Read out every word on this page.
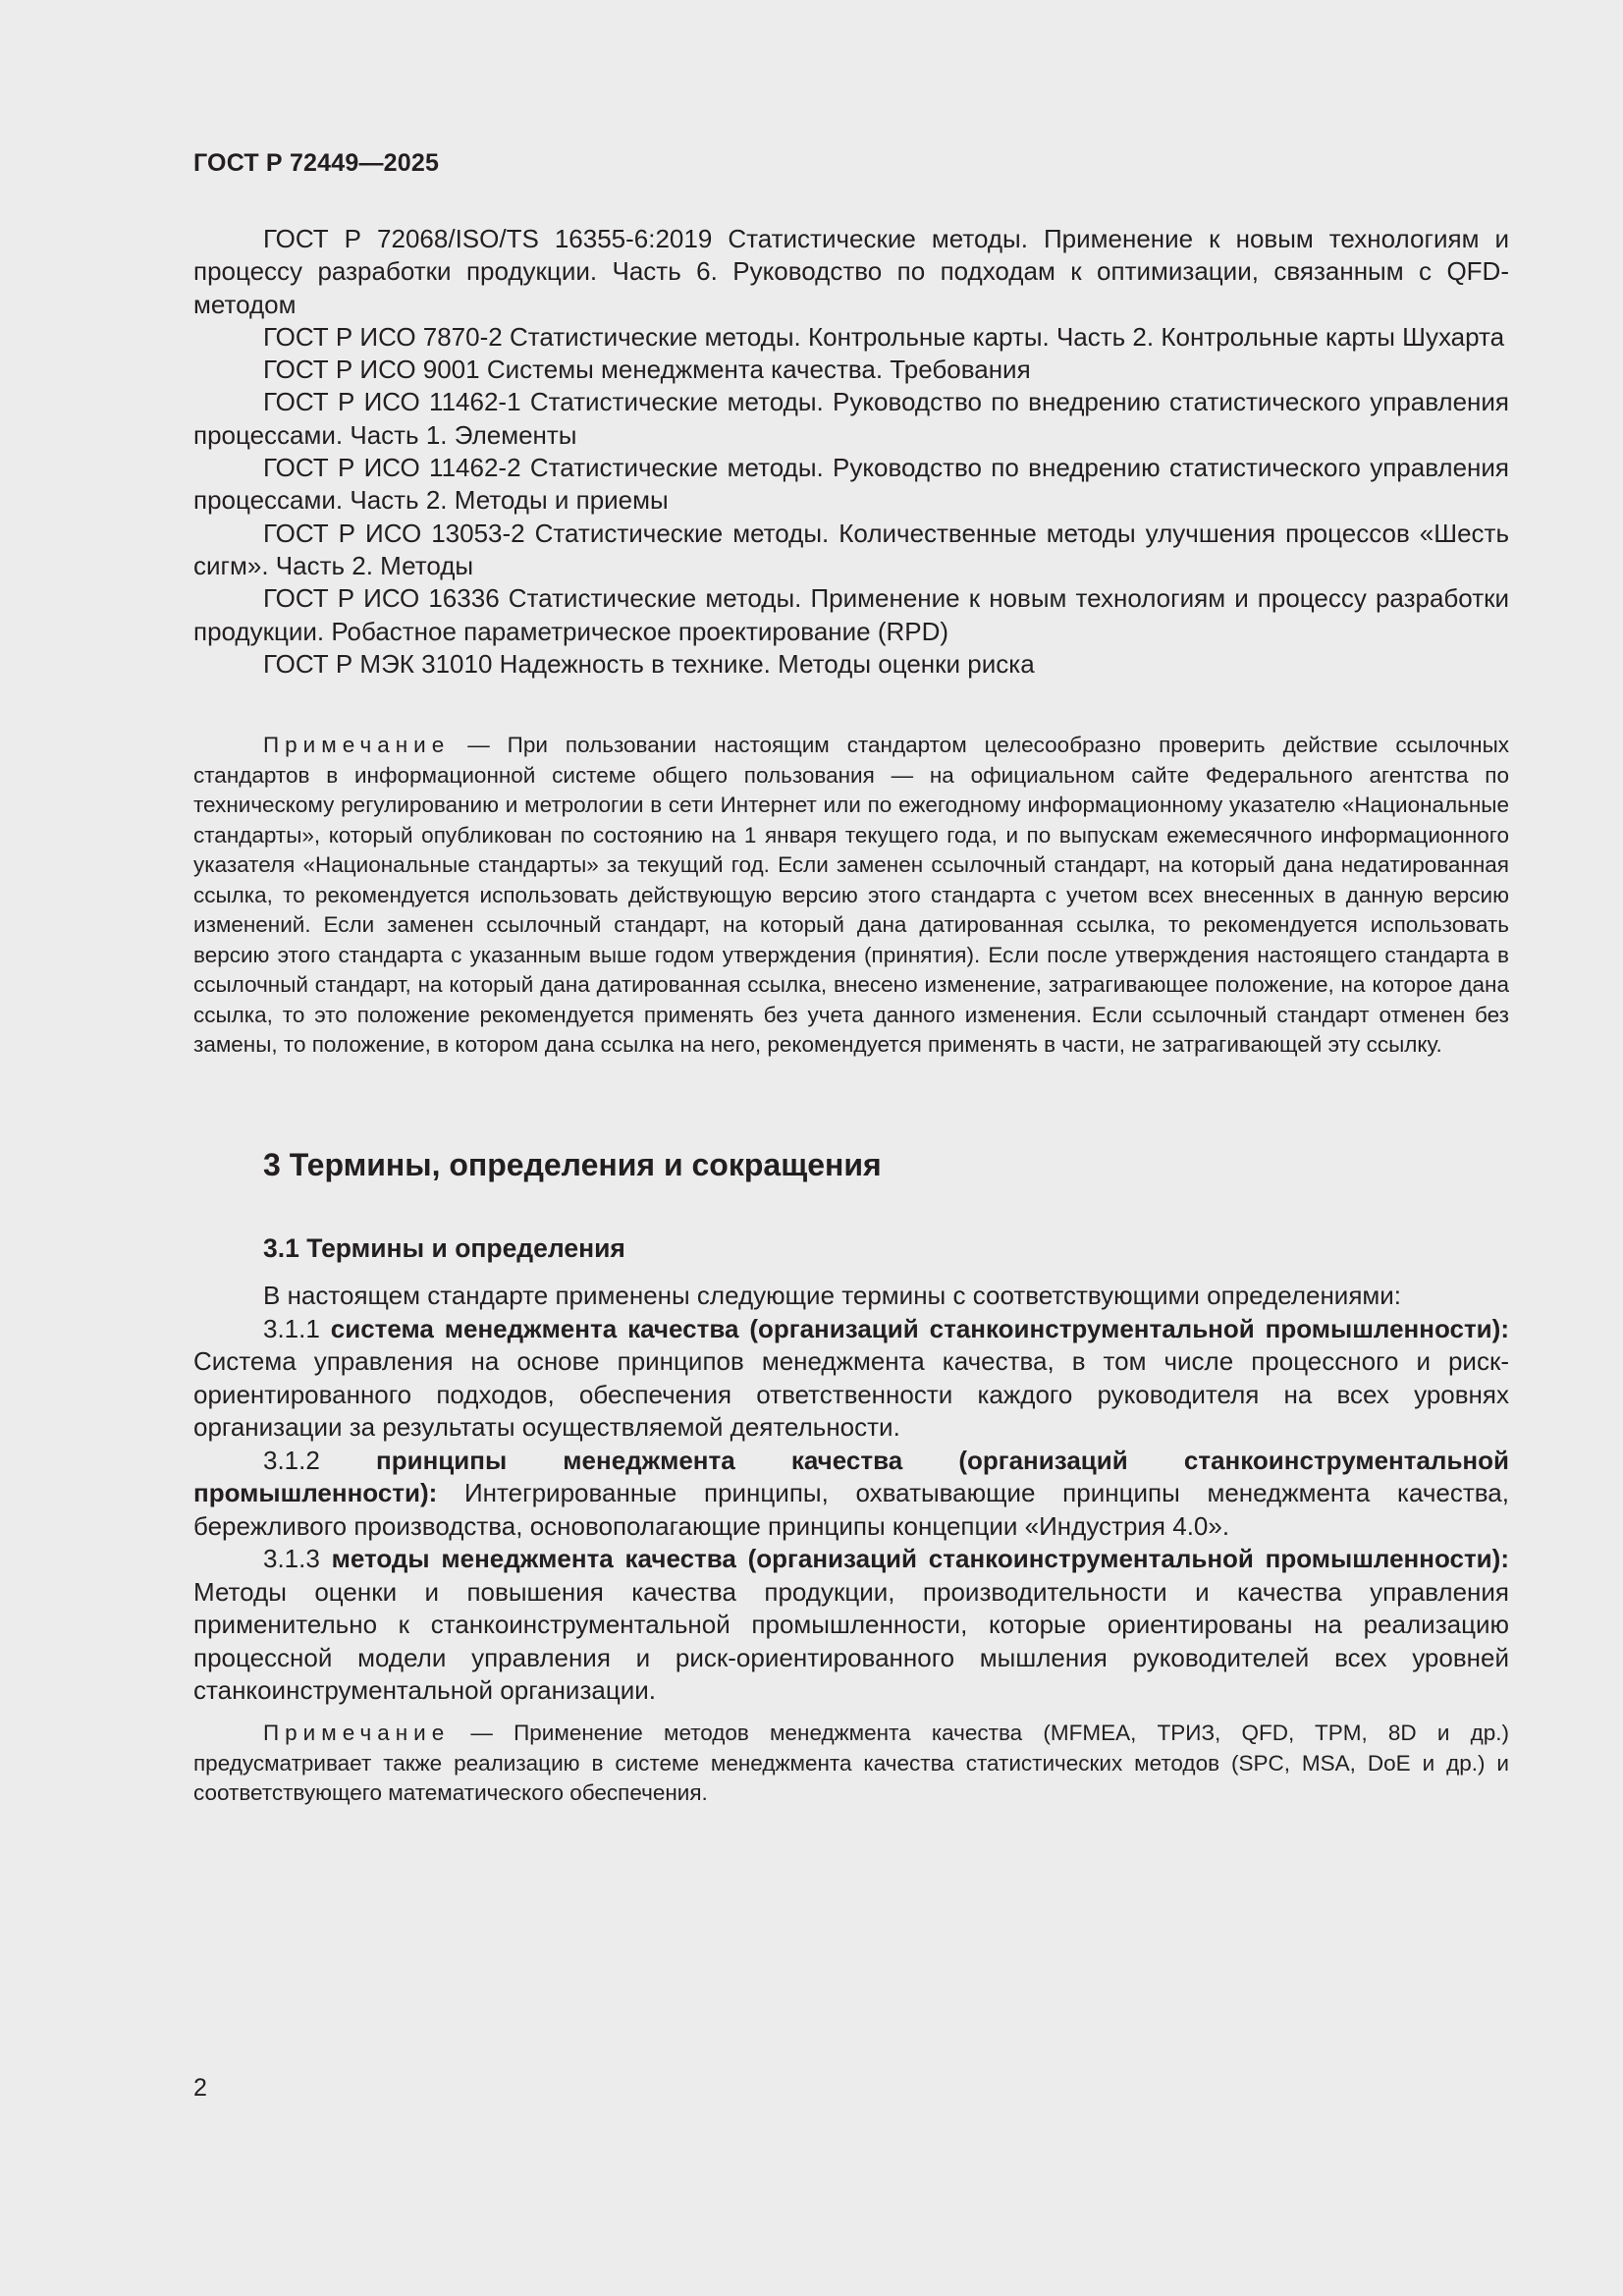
ГОСТ Р 72449—2025

ГОСТ Р 72068/ISO/TS 16355-6:2019 Статистические методы. Применение к новым технологиям и процессу разработки продукции. Часть 6. Руководство по подходам к оптимизации, связанным с QFD-методом

ГОСТ Р ИСО 7870-2 Статистические методы. Контрольные карты. Часть 2. Контрольные карты Шухарта

ГОСТ Р ИСО 9001 Системы менеджмента качества. Требования

ГОСТ Р ИСО 11462-1 Статистические методы. Руководство по внедрению статистического управления процессами. Часть 1. Элементы

ГОСТ Р ИСО 11462-2 Статистические методы. Руководство по внедрению статистического управления процессами. Часть 2. Методы и приемы

ГОСТ Р ИСО 13053-2 Статистические методы. Количественные методы улучшения процессов «Шесть сигм». Часть 2. Методы

ГОСТ Р ИСО 16336 Статистические методы. Применение к новым технологиям и процессу разработки продукции. Робастное параметрическое проектирование (RPD)

ГОСТ Р МЭК 31010 Надежность в технике. Методы оценки риска

Примечание — При пользовании настоящим стандартом целесообразно проверить действие ссылочных стандартов в информационной системе общего пользования — на официальном сайте Федерального агентства по техническому регулированию и метрологии в сети Интернет или по ежегодному информационному указателю «Национальные стандарты», который опубликован по состоянию на 1 января текущего года, и по выпускам ежемесячного информационного указателя «Национальные стандарты» за текущий год. Если заменен ссылочный стандарт, на который дана недатированная ссылка, то рекомендуется использовать действующую версию этого стандарта с учетом всех внесенных в данную версию изменений. Если заменен ссылочный стандарт, на который дана датированная ссылка, то рекомендуется использовать версию этого стандарта с указанным выше годом утверждения (принятия). Если после утверждения настоящего стандарта в ссылочный стандарт, на который дана датированная ссылка, внесено изменение, затрагивающее положение, на которое дана ссылка, то это положение рекомендуется применять без учета данного изменения. Если ссылочный стандарт отменен без замены, то положение, в котором дана ссылка на него, рекомендуется применять в части, не затрагивающей эту ссылку.

3 Термины, определения и сокращения
3.1 Термины и определения

В настоящем стандарте применены следующие термины с соответствующими определениями:

3.1.1 система менеджмента качества (организаций станкоинструментальной промышленности): Система управления на основе принципов менеджмента качества, в том числе процессного и риск-ориентированного подходов, обеспечения ответственности каждого руководителя на всех уровнях организации за результаты осуществляемой деятельности.

3.1.2 принципы менеджмента качества (организаций станкоинструментальной промышленности): Интегрированные принципы, охватывающие принципы менеджмента качества, бережливого производства, основополагающие принципы концепции «Индустрия 4.0».

3.1.3 методы менеджмента качества (организаций станкоинструментальной промышленности): Методы оценки и повышения качества продукции, производительности и качества управления применительно к станкоинструментальной промышленности, которые ориентированы на реализацию процессной модели управления и риск-ориентированного мышления руководителей всех уровней станкоинструментальной организации.

Примечание — Применение методов менеджмента качества (MFMEA, ТРИЗ, QFD, TPM, 8D и др.) предусматривает также реализацию в системе менеджмента качества статистических методов (SPC, MSA, DoE и др.) и соответствующего математического обеспечения.

2
